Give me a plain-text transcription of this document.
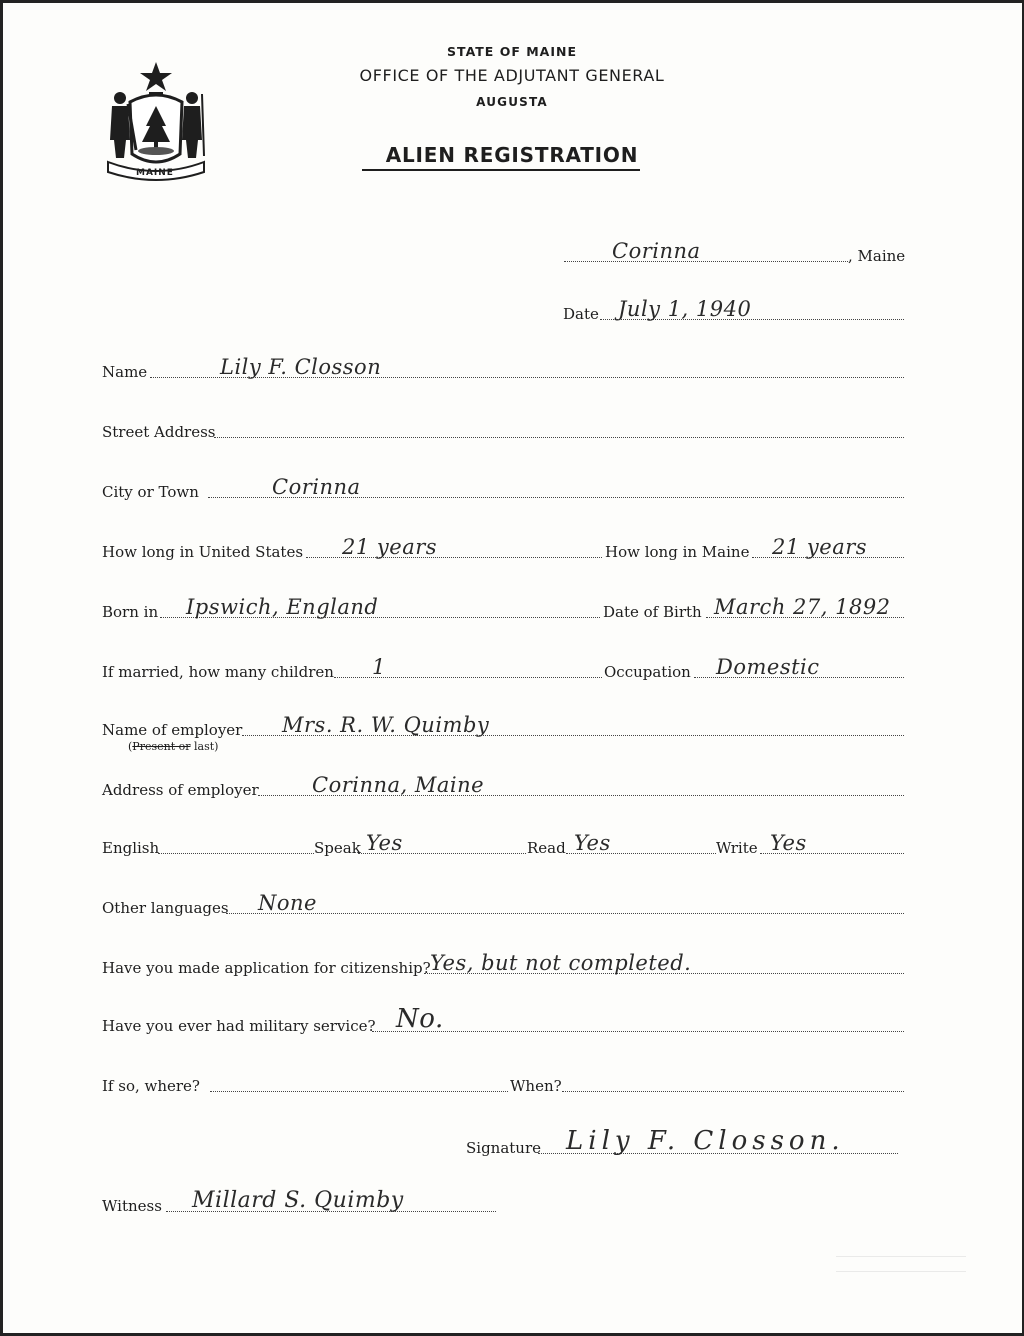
MAINE
STATE OF MAINE
OFFICE OF THE ADJUTANT GENERAL
AUGUSTA
ALIEN REGISTRATION
Corinna	, Maine
Date July 1, 1940
Name	Lily F. Closson
Street Address
City or Town	Corinna
How long in United States 21 years	How long in Maine 21 years
Born in Ipswich, England	Date of Birth March 27, 1892
If married, how many children 1	Occupation Domestic
Name of employer Mrs. R. W. Quimby
(Present or last)
Address of employer	Corinna, Maine
English	Speak Yes	Read Yes	Write Yes
Other languages None
Have you made application for citizenship? Yes, but not completed.
Have you ever had military service? No.
If so, where?	When?
Signature Lily F. Closson.
Witness Millard S. Quimby
